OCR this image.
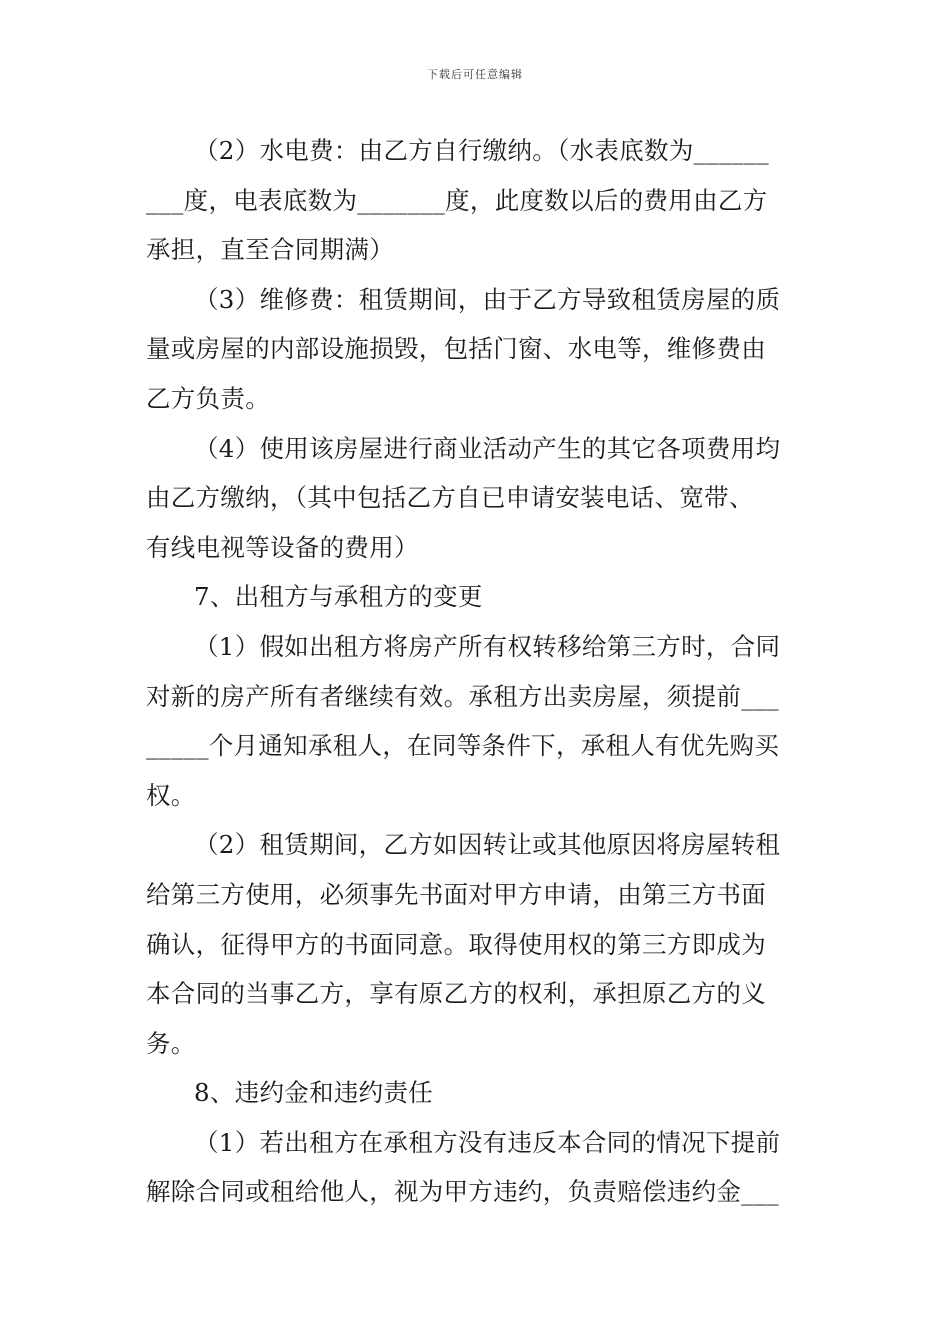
下载后可任意编辑
（2）水电费：由乙方自行缴纳。（水表底数为______
___度，电表底数为_______度，此度数以后的费用由乙方
承担，直至合同期满）
（3）维修费：租赁期间，由于乙方导致租赁房屋的质
量或房屋的内部设施损毁，包括门窗、水电等，维修费由
乙方负责。
（4）使用该房屋进行商业活动产生的其它各项费用均
由乙方缴纳，（其中包括乙方自已申请安装电话、宽带、
有线电视等设备的费用）
7、出租方与承租方的变更
（1）假如出租方将房产所有权转移给第三方时，合同
对新的房产所有者继续有效。承租方出卖房屋，须提前___
_____个月通知承租人，在同等条件下，承租人有优先购买
权。
（2）租赁期间，乙方如因转让或其他原因将房屋转租
给第三方使用，必须事先书面对甲方申请，由第三方书面
确认，征得甲方的书面同意。取得使用权的第三方即成为
本合同的当事乙方，享有原乙方的权利，承担原乙方的义
务。
8、违约金和违约责任
（1）若出租方在承租方没有违反本合同的情况下提前
解除合同或租给他人，视为甲方违约，负责赔偿违约金___
